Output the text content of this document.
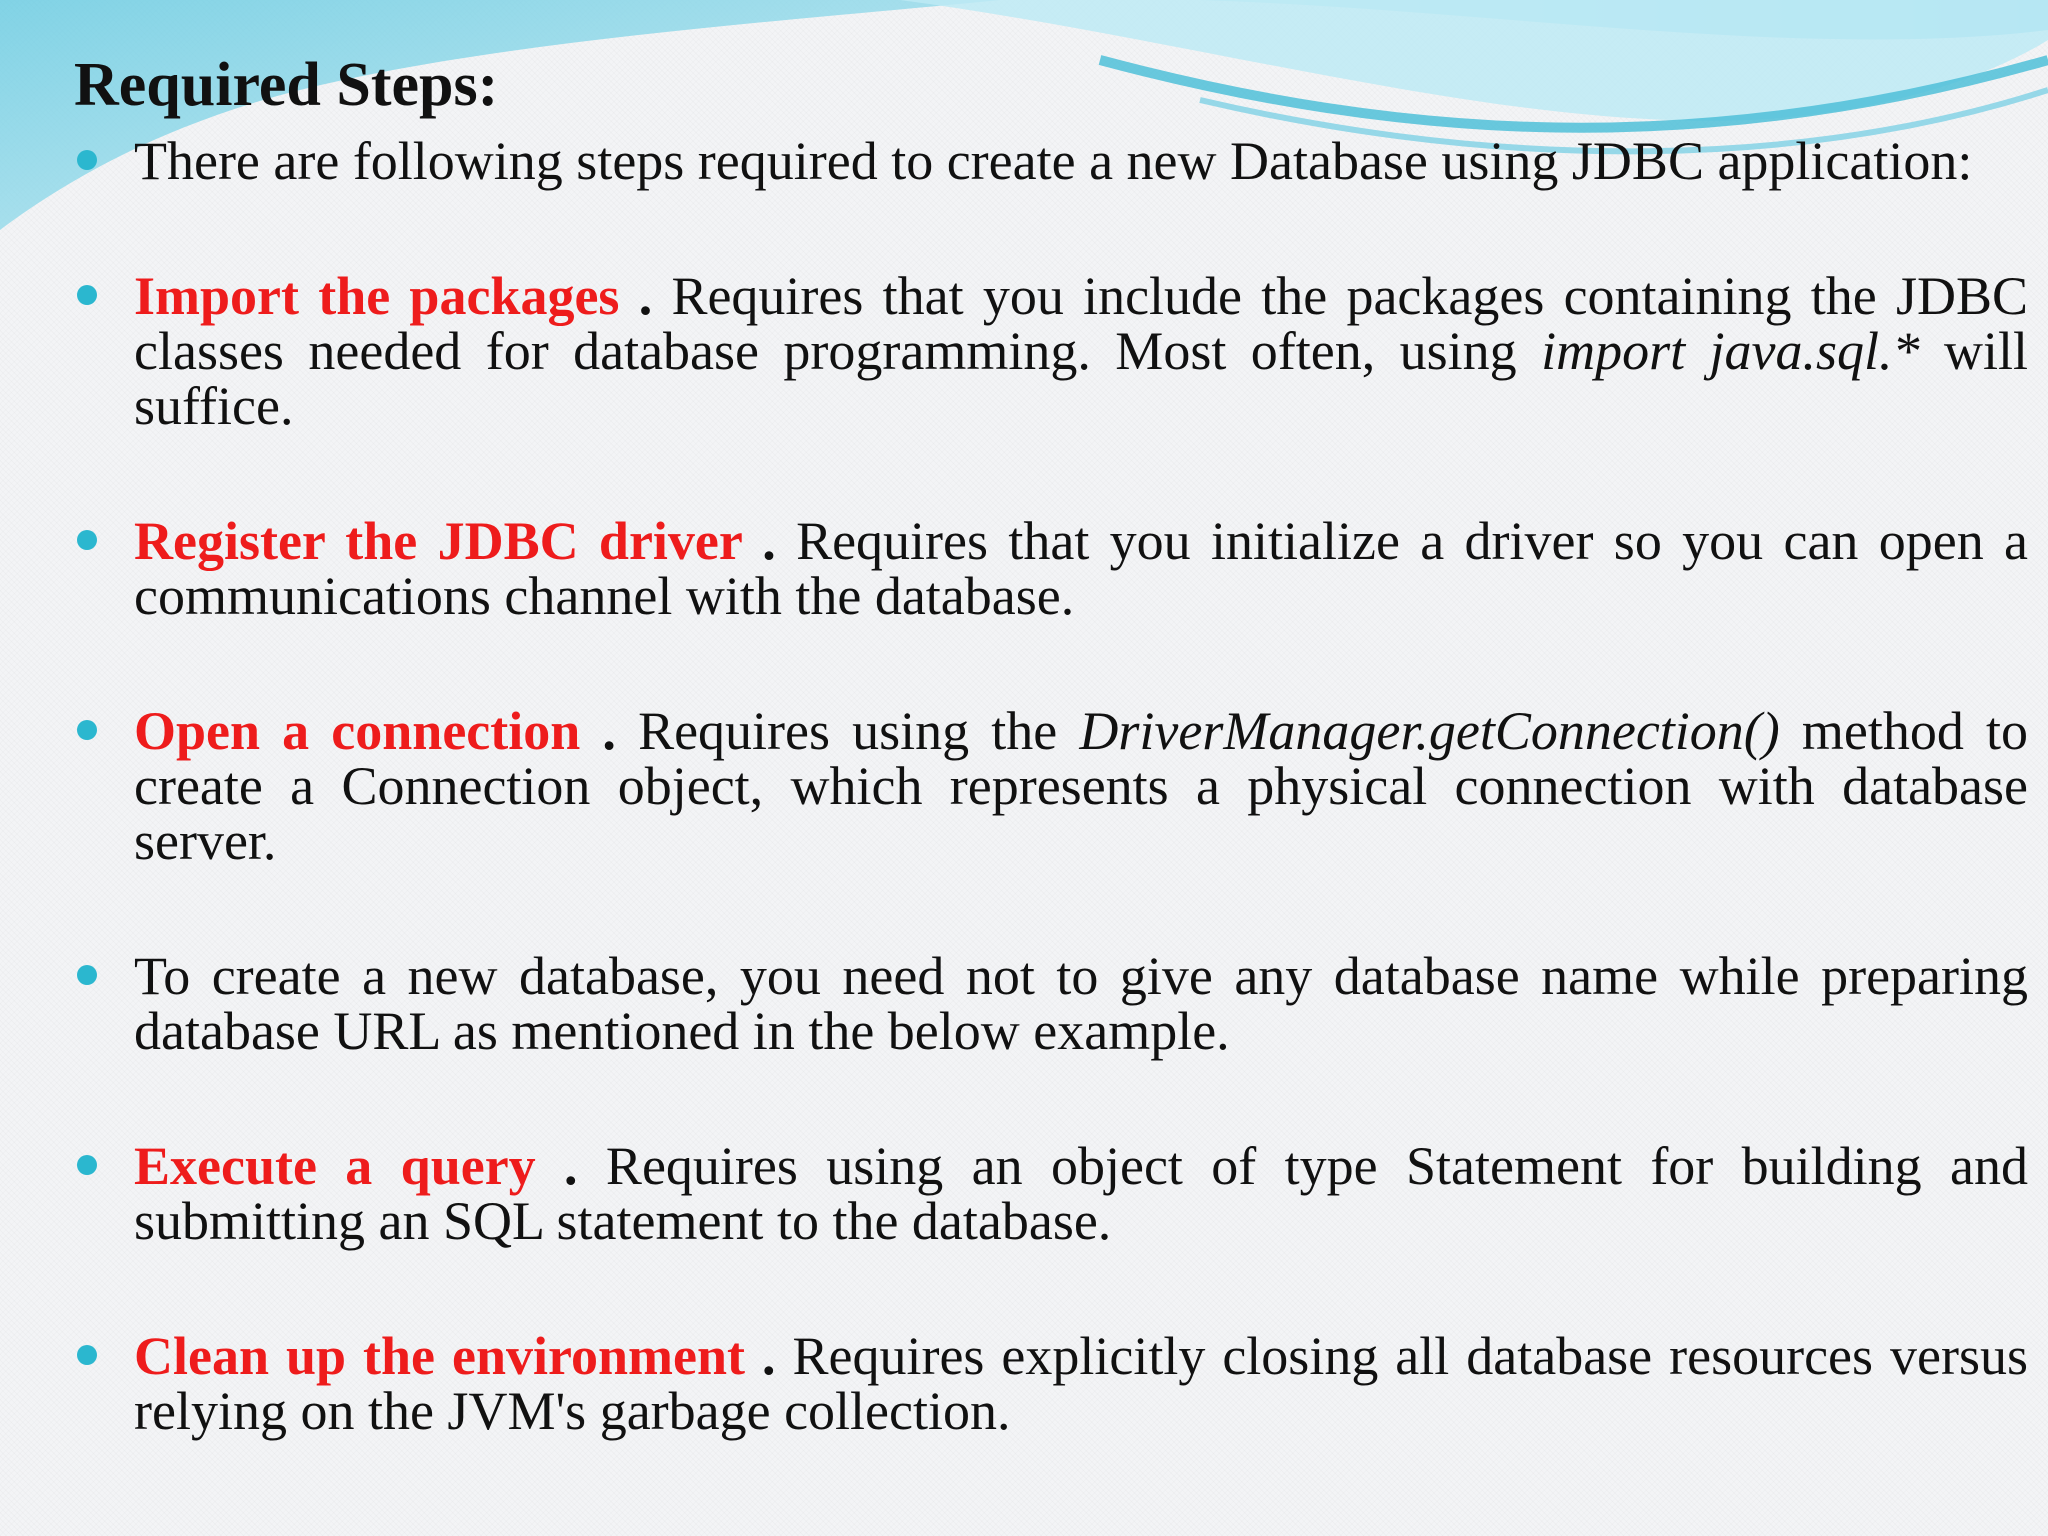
Required Steps:
There are following steps required to create a new Database using JDBC application:
Import the packages . Requires that you include the packages containing the JDBC classes needed for database programming. Most often, using import java.sql.* will suffice.
Register the JDBC driver . Requires that you initialize a driver so you can open a communications channel with the database.
Open a connection . Requires using the DriverManager.getConnection() method to create a Connection object, which represents a physical connection with database server.
To create a new database, you need not to give any database name while preparing database URL as mentioned in the below example.
Execute a query . Requires using an object of type Statement for building and submitting an SQL statement to the database.
Clean up the environment . Requires explicitly closing all database resources versus relying on the JVM's garbage collection.
